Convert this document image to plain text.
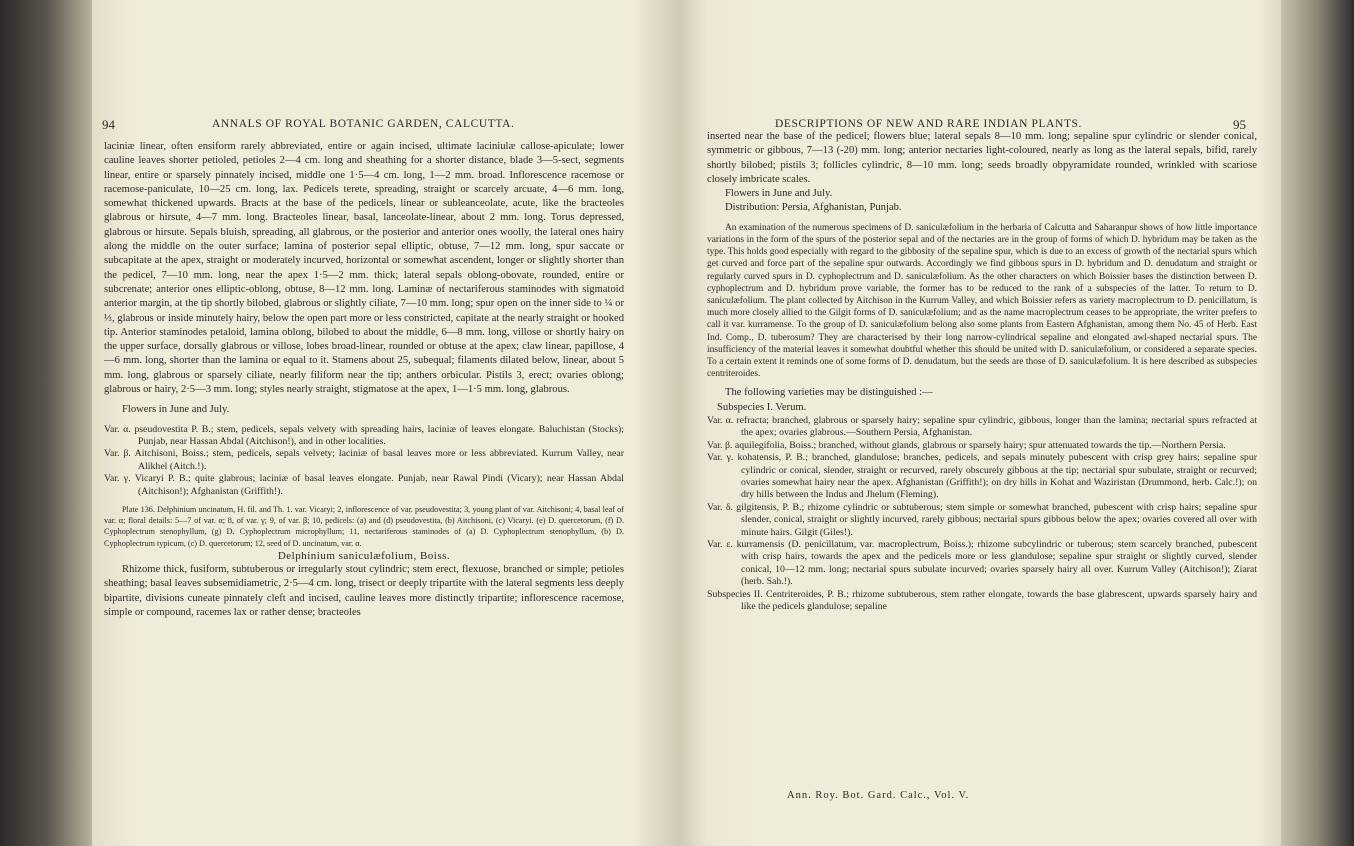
94	ANNALS OF ROYAL BOTANIC GARDEN, CALCUTTA.

laciniæ linear, often ensiform rarely abbreviated, entire or again incised, ultimate laciniulæ callose-apiculate; lower cauline leaves shorter petioled, petioles 2—4 cm. long and sheathing for a shorter distance, blade 3—5-sect, segments linear, entire or sparsely pinnately incised, middle one 1·5—4 cm. long, 1—2 mm. broad. Inflorescence racemose or racemose-paniculate, 10—25 cm. long, lax. Pedicels terete, spreading, straight or scarcely arcuate, 4—6 mm. long, somewhat thickened upwards. Bracts at the base of the pedicels, linear or subleanceolate, acute, like the bracteoles glabrous or hirsute, 4—7 mm. long. Bracteoles linear, basal, lanceolate-linear, about 2 mm. long. Torus depressed, glabrous or hirsute. Sepals bluish, spreading, all glabrous, or the posterior and anterior ones woolly, the lateral ones hairy along the middle on the outer surface; lamina of posterior sepal elliptic, obtuse, 7—12 mm. long, spur saccate or subcapitate at the apex, straight or moderately incurved, horizontal or somewhat ascendent, longer or slightly shorter than the pedicel, 7—10 mm. long, near the apex 1·5—2 mm. thick; lateral sepals oblong-obovate, rounded, entire or subcrenate; anterior ones elliptic-oblong, obtuse, 8—12 mm. long. Laminæ of nectariferous staminodes with sigmatoid anterior margin, at the tip shortly bilobed, glabrous or slightly ciliate, 7—10 mm. long; spur open on the inner side to ¼ or ⅓, glabrous or inside minutely hairy, below the open part more or less constricted, capitate at the nearly straight or hooked tip. Anterior staminodes petaloid, lamina oblong, bilobed to about the middle, 6—8 mm. long, villose or shortly hairy on the upper surface, dorsally glabrous or villose, lobes broad-linear, rounded or obtuse at the apex; claw linear, papillose, 4—6 mm. long, shorter than the lamina or equal to it. Stamens about 25, subequal; filaments dilated below, linear, about 5 mm. long, glabrous or sparsely ciliate, nearly filiform near the tip; anthers orbicular. Pistils 3, erect; ovaries oblong; glabrous or hairy, 2·5—3 mm. long; styles nearly straight, stigmatose at the apex, 1—1·5 mm. long, glabrous.

Flowers in June and July.

Var. α. pseudovestita P. B.; stem, pedicels, sepals velvety with spreading hairs, laciniæ of leaves elongate. Baluchistan (Stocks); Punjab, near Hassan Abdal (Aitchison!), and in other localities.

Var. β. Aitchisoni, Boiss.; stem, pedicels, sepals velvety; laciniæ of basal leaves more or less abbreviated. Kurrum Valley, near Alikhel (Aitch.!).

Var. γ. Vicaryi P. B.; quite glabrous; laciniæ of basal leaves elongate. Punjab, near Rawal Pindi (Vicary); near Hassan Abdal (Aitchison!); Afghanistan (Griffith!).

Plate 136. Delphinium uncinatum, H. fil. and Th. 1. var. Vicaryi; 2, inflorescence of var. pseudovestita; 3, young plant of var. Aitchisoni; 4, basal leaf of var. α; floral details: 5—7 of var. α; 8, of var. γ; 9, of var. β; 10, pedicels: (a) and (d) pseudovestita, (b) Aitchisoni, (c) Vicaryi. (e) D. quercetorum, (f) D. Cyphoplectrum stenophyllum, (g) D. Cyphoplectrum microphyllum; 11, nectariferous staminodes of (a) D. Cyphoplectrum stenophyllum, (b) D. Cyphoplectrum typicum, (c) D. quercetorum; 12, seed of D. uncinatum, var. α.

Delphinium saniculæfolium, Boiss.

Rhizome thick, fusiform, subtuberous or irregularly stout cylindric; stem erect, flexuose, branched or simple; petioles sheathing; basal leaves subsemidiametric, 2·5—4 cm. long, trisect or deeply tripartite with the lateral segments less deeply bipartite, divisions cuneate pinnately cleft and incised, cauline leaves more distinctly tripartite; inflorescence racemose, simple or compound, racemes lax or rather dense; bracteoles

DESCRIPTIONS OF NEW AND RARE INDIAN PLANTS.	95

inserted near the base of the pedicel; flowers blue; lateral sepals 8—10 mm. long; sepaline spur cylindric or slender conical, symmetric or gibbous, 7—13 (-20) mm. long; anterior nectaries light-coloured, nearly as long as the lateral sepals, bifid, rarely shortly bilobed; pistils 3; follicles cylindric, 8—10 mm. long; seeds broadly obpyramidate rounded, wrinkled with scariose closely imbricate scales.

Flowers in June and July.

Distribution: Persia, Afghanistan, Punjab.

An examination of the numerous specimens of D. saniculæfolium in the herbaria of Calcutta and Saharanpur shows of how little importance variations in the form of the spurs of the posterior sepal and of the nectaries are in the group of forms of which D. hybridum may be taken as the type. This holds good especially with regard to the gibbosity of the sepaline spur, which is due to an excess of growth of the nectarial spurs which get curved and force part of the sepaline spur outwards. Accordingly we find gibbous spurs in D. hybridum and D. denudatum and straight or regularly curved spurs in D. cyphoplectrum and D. saniculæfolium. As the other characters on which Boissier bases the distinction between D. cyphoplectrum and D. hybridum prove variable, the former has to be reduced to the rank of a subspecies of the latter. To return to D. saniculæfolium. The plant collected by Aitchison in the Kurrum Valley, and which Boissier refers as variety macroplectrum to D. penicillatum, is much more closely allied to the Gilgit forms of D. saniculæfolium; and as the name macroplectrum ceases to be appropriate, the writer prefers to call it var. kurramense. To the group of D. saniculæfolium belong also some plants from Eastern Afghanistan, among them No. 45 of Herb. East Ind. Comp., D. tuberosum? They are characterised by their long narrow-cylindrical sepaline and elongated awl-shaped nectarial spurs. The insufficiency of the material leaves it somewhat doubtful whether this should be united with D. saniculæfolium, or considered a separate species. To a certain extent it reminds one of some forms of D. denudatum, but the seeds are those of D. saniculæfolium. It is here described as subspecies centriteroides.

The following varieties may be distinguished :—

Subspecies I. Verum.

Var. α. refracta; branched, glabrous or sparsely hairy; sepaline spur cylindric, gibbous, longer than the lamina; nectarial spurs refracted at the apex; ovaries glabrous.—Southern Persia, Afghanistan.

Var. β. aquilegifolia, Boiss.; branched, without glands, glabrous or sparsely hairy; spur attenuated towards the tip.—Northern Persia.

Var. γ. kohatensis, P. B.; branched, glandulose; branches, pedicels, and sepals minutely pubescent with crisp grey hairs; sepaline spur cylindric or conical, slender, straight or recurved, rarely obscurely gibbous at the tip; nectarial spur subulate, straight or recurved; ovaries somewhat hairy near the apex. Afghanistan (Griffith!); on dry hills in Kohat and Waziristan (Drummond, herb. Calc.!); on dry hills between the Indus and Jhelum (Fleming).

Var. δ. gilgitensis, P. B.; rhizome cylindric or subtuberous; stem simple or somewhat branched, pubescent with crisp hairs; sepaline spur slender, conical, straight or slightly incurved, rarely gibbous; nectarial spurs gibbous below the apex; ovaries covered all over with minute hairs. Gilgit (Giles!).

Var. ε. kurramensis (D. penicillatum, var. macroplectrum, Boiss.); rhizome subcylindric or tuberous; stem scarcely branched, pubescent with crisp hairs, towards the apex and the pedicels more or less glandulose; sepaline spur straight or slightly curved, slender conical, 10—12 mm. long; nectarial spurs subulate incurved; ovaries sparsely hairy all over. Kurrum Valley (Aitchison!); Ziarat (herb. Sah.!).

Subspecies II. Centriteroides, P. B.; rhizome subtuberous, stem rather elongate, towards the base glabrescent, upwards sparsely hairy and like the pedicels glandulose; sepaline

Ann. Roy. Bot. Gard. Calc., Vol. V.
